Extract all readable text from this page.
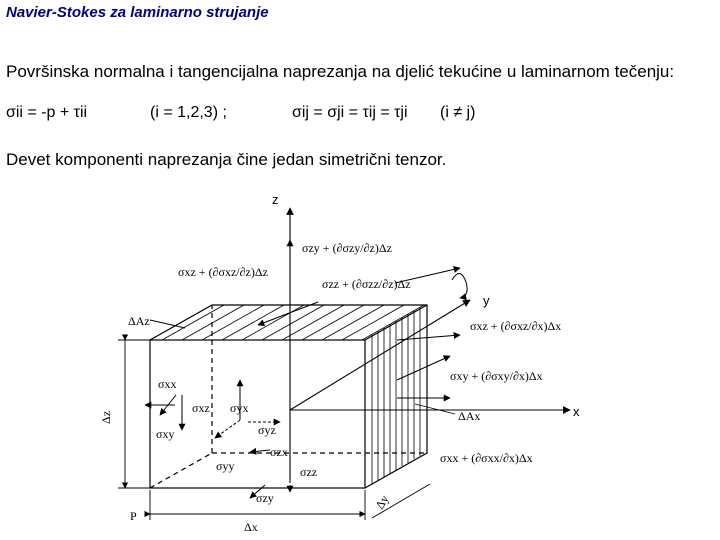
Navier-Stokes za laminarno strujanje
Površinska normalna i tangencijalna naprezanja na djelić tekućine u laminarnom tečenju:
σii = -p + τii	(i = 1,2,3) ;	σij = σji = τij = τji (i ≠ j)
Devet komponenti naprezanja čine jedan simetrični tenzor.
z
y
x
P
Δx
Δz
Δy
ΔAz
ΔAx
σzy + (∂σzy/∂z)Δz
σzz + (∂σzz/∂z)Δz
σxz + (∂σxz/∂z)Δz
σxz + (∂σxz/∂x)Δx
σxy + (∂σxy/∂x)Δx
σxx + (∂σxx/∂x)Δx
σxx
σxz
σxy
σyx
σyz
σyy
σzx
σzz
σzy
